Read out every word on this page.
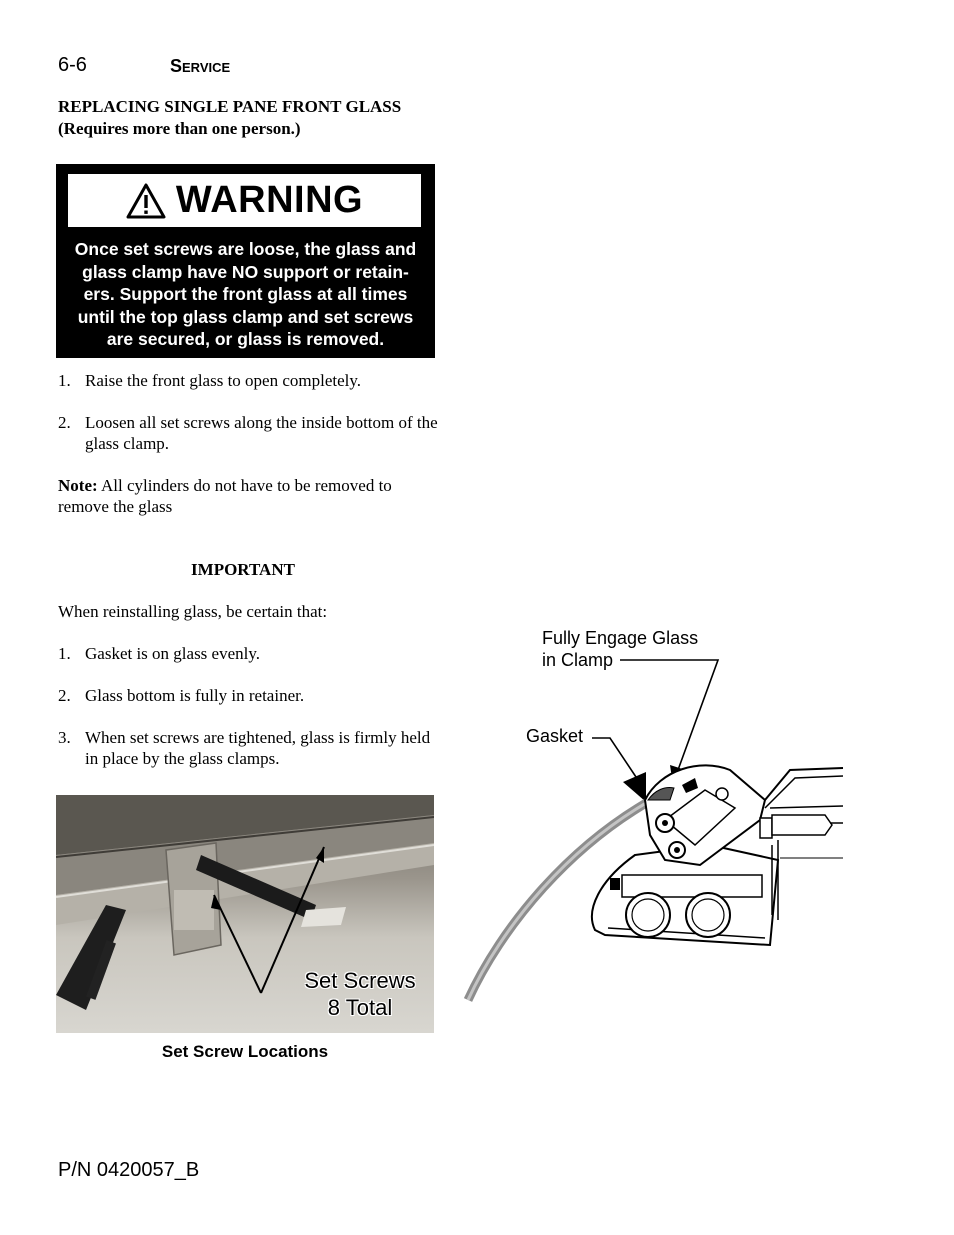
6-6	Service
REPLACING SINGLE PANE FRONT GLASS (Requires more than one person.)
WARNING
Once set screws are loose, the glass and
glass clamp have NO support or retain-
ers. Support the front glass at all times
until the top glass clamp and set screws
are secured, or glass is removed.
1. Raise the front glass to open completely.
2. Loosen all set screws along the inside bottom of the glass clamp.
Note: All cylinders do not have to be removed to remove the glass
IMPORTANT
When reinstalling glass, be certain that:
1. Gasket is on glass evenly.
2. Glass bottom is fully in retainer.
3. When set screws are tightened, glass is firmly held in place by the glass clamps.
Set Screws
8 Total
Set Screw Locations
Fully Engage Glass
in Clamp
Gasket
P/N 0420057_B
